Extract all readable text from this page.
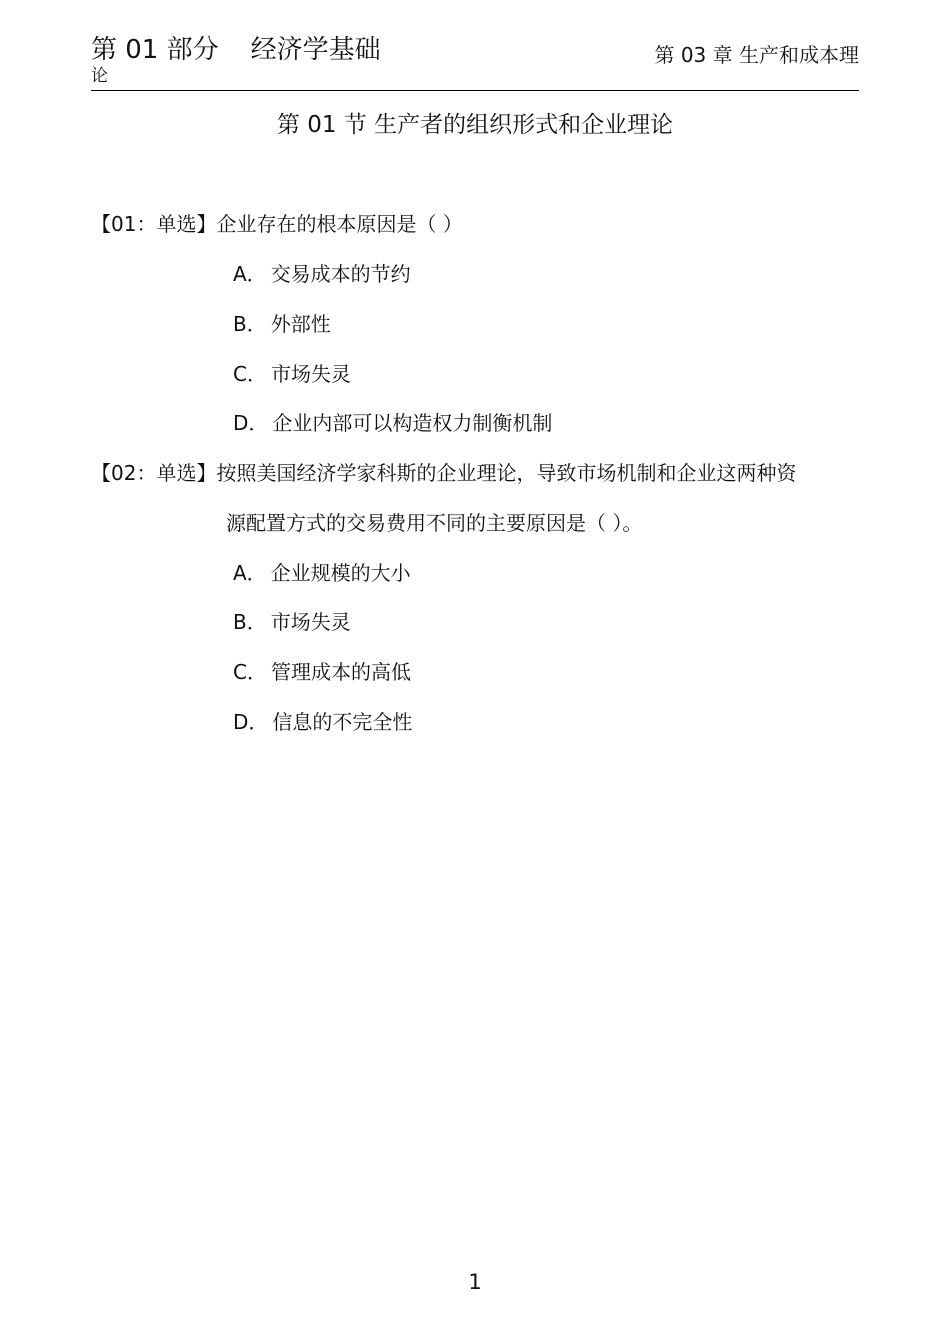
第 01 部分 经济学基础
论
第 03 章 生产和成本理
第 01 节 生产者的组织形式和企业理论
【01：单选】企业存在的根本原因是（ ）
A． 交易成本的节约
B． 外部性
C． 市场失灵
D． 企业内部可以构造权力制衡机制
【02：单选】按照美国经济学家科斯的企业理论，导致市场机制和企业这两种资
源配置方式的交易费用不同的主要原因是（ ）。
A． 企业规模的大小
B． 市场失灵
C． 管理成本的高低
D． 信息的不完全性
1
